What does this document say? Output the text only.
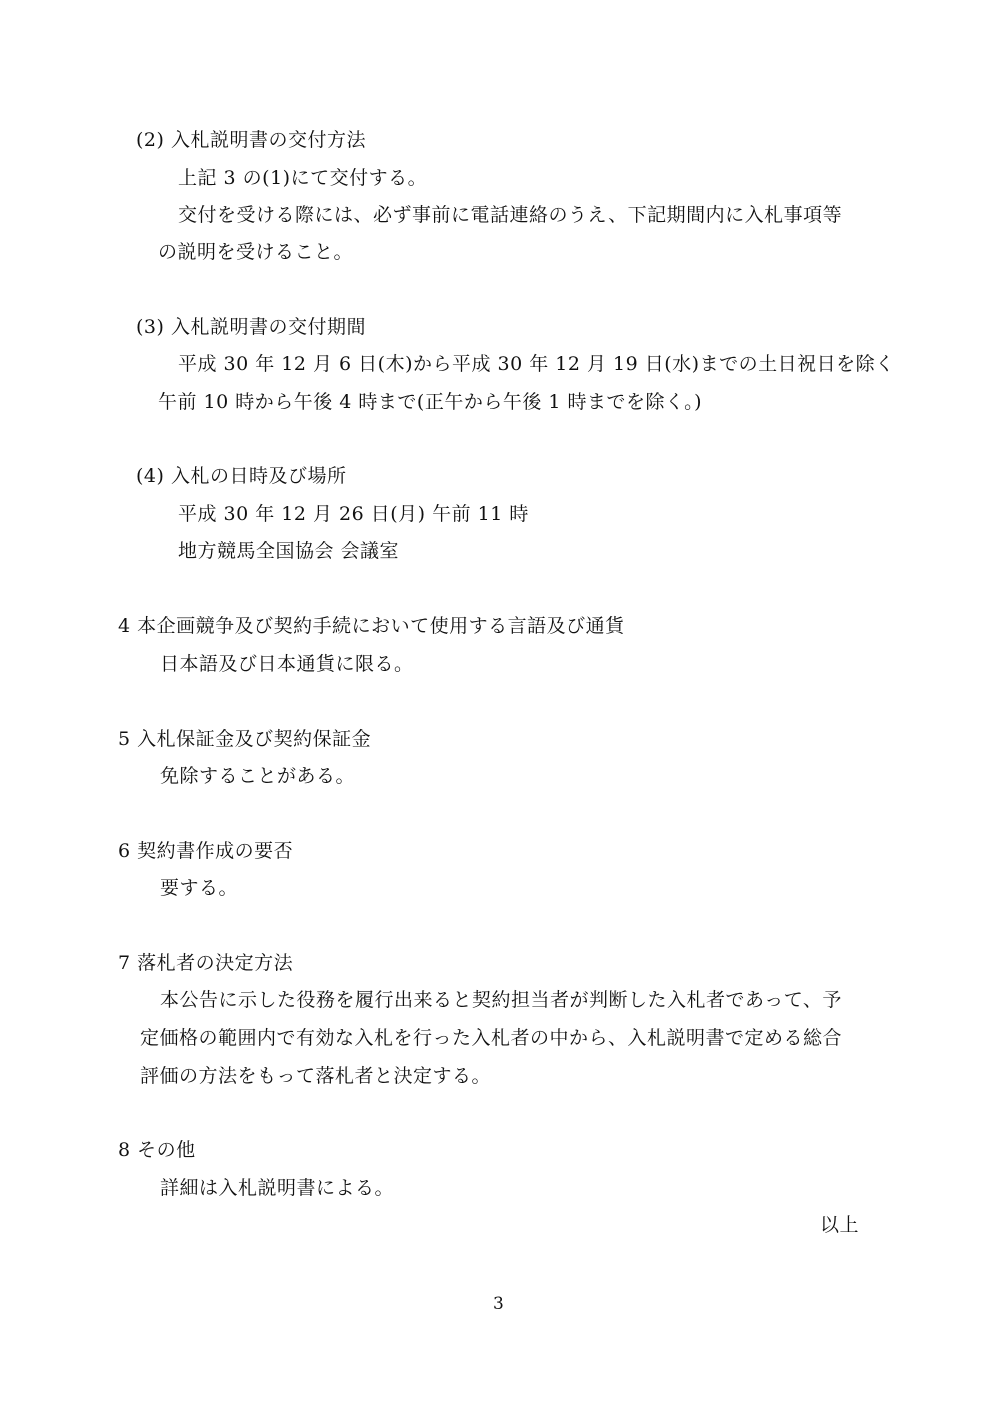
(2) 入札説明書の交付方法
上記 3 の(1)にて交付する。
交付を受ける際には、必ず事前に電話連絡のうえ、下記期間内に入札事項等
の説明を受けること。
(3) 入札説明書の交付期間
平成 30 年 12 月 6 日(木)から平成 30 年 12 月 19 日(水)までの土日祝日を除く
午前 10 時から午後 4 時まで(正午から午後 1 時までを除く。)
(4) 入札の日時及び場所
平成 30 年 12 月 26 日(月) 午前 11 時
地方競馬全国協会 会議室
4 本企画競争及び契約手続において使用する言語及び通貨
日本語及び日本通貨に限る。
5 入札保証金及び契約保証金
免除することがある。
6 契約書作成の要否
要する。
7 落札者の決定方法
本公告に示した役務を履行出来ると契約担当者が判断した入札者であって、予
定価格の範囲内で有効な入札を行った入札者の中から、入札説明書で定める総合
評価の方法をもって落札者と決定する。
8 その他
詳細は入札説明書による。
以上
3
